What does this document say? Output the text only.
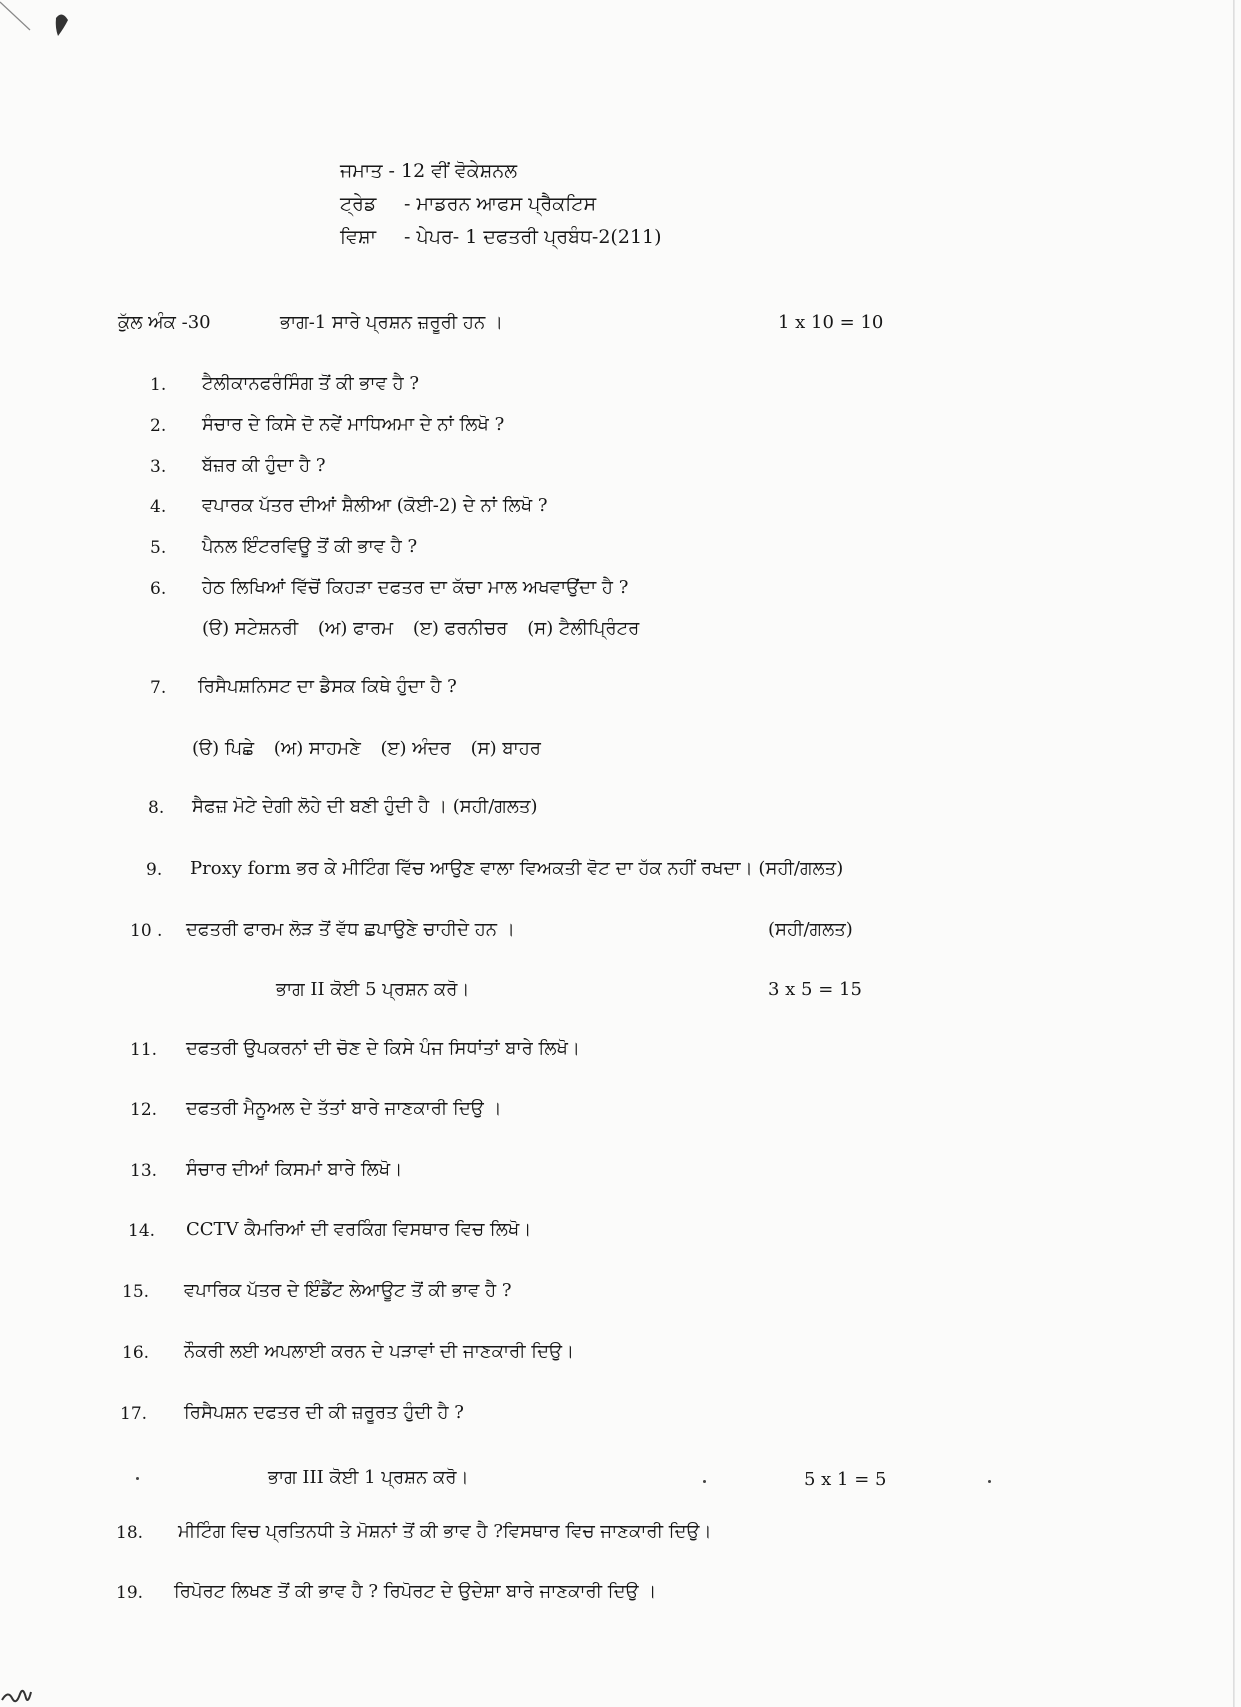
ਜਮਾਤ - 12 ਵੀਂ ਵੋਕੇਸ਼ਨਲ
ਟ੍ਰੇਡ - ਮਾਡਰਨ ਆਫਸ ਪ੍ਰੈਕਟਿਸ
ਵਿਸ਼ਾ - ਪੇਪਰ- 1 ਦਫਤਰੀ ਪ੍ਰਬੰਧ-2(211)
ਕੁੱਲ ਅੰਕ -30	ਭਾਗ-1 ਸਾਰੇ ਪ੍ਰਸ਼ਨ ਜ਼ਰੂਰੀ ਹਨ ।	1 x 10 = 10
1. ਟੈਲੀਕਾਨਫਰੰਸਿੰਗ ਤੋਂ ਕੀ ਭਾਵ ਹੈ ?
2. ਸੰਚਾਰ ਦੇ ਕਿਸੇ ਦੋ ਨਵੇਂ ਮਾਧਿਅਮਾ ਦੇ ਨਾਂ ਲਿਖੋ ?
3. ਬੱਜ਼ਰ ਕੀ ਹੁੰਦਾ ਹੈ ?
4. ਵਪਾਰਕ ਪੱਤਰ ਦੀਆਂ ਸ਼ੈਲੀਆ (ਕੋਈ-2) ਦੇ ਨਾਂ ਲਿਖੋ ?
5. ਪੈਨਲ ਇੰਟਰਵਿਊ ਤੋਂ ਕੀ ਭਾਵ ਹੈ ?
6. ਹੇਠ ਲਿਖਿਆਂ ਵਿੱਚੋਂ ਕਿਹੜਾ ਦਫਤਰ ਦਾ ਕੱਚਾ ਮਾਲ ਅਖਵਾਉਂਦਾ ਹੈ ?
(ੳ) ਸਟੇਸ਼ਨਰੀ (ਅ) ਫਾਰਮ (ੲ) ਫਰਨੀਚਰ (ਸ) ਟੈਲੀਪ੍ਰਿੰਟਰ
7. ਰਿਸੈਪਸ਼ਨਿਸਟ ਦਾ ਡੈਸਕ ਕਿਥੇ ਹੁੰਦਾ ਹੈ ?
(ੳ) ਪਿਛੇ (ਅ) ਸਾਹਮਣੇ (ੲ) ਅੰਦਰ (ਸ) ਬਾਹਰ
8. ਸੈਫਜ਼ ਮੋਟੇ ਦੇਗੀ ਲੋਹੇ ਦੀ ਬਣੀ ਹੁੰਦੀ ਹੈ । (ਸਹੀ/ਗਲਤ)
9. Proxy form ਭਰ ਕੇ ਮੀਟਿੰਗ ਵਿੱਚ ਆਉਣ ਵਾਲਾ ਵਿਅਕਤੀ ਵੋਟ ਦਾ ਹੱਕ ਨਹੀਂ ਰਖਦਾ। (ਸਹੀ/ਗਲਤ)
10 . ਦਫਤਰੀ ਫਾਰਮ ਲੋੜ ਤੋਂ ਵੱਧ ਛਪਾਉਣੇ ਚਾਹੀਦੇ ਹਨ ।	(ਸਹੀ/ਗਲਤ)
ਭਾਗ II ਕੋਈ 5 ਪ੍ਰਸ਼ਨ ਕਰੋ।	3 x 5 = 15
11. ਦਫਤਰੀ ਉਪਕਰਨਾਂ ਦੀ ਚੋਣ ਦੇ ਕਿਸੇ ਪੰਜ ਸਿਧਾਂਤਾਂ ਬਾਰੇ ਲਿਖੋ।
12. ਦਫਤਰੀ ਮੈਨੂਅਲ ਦੇ ਤੱਤਾਂ ਬਾਰੇ ਜਾਣਕਾਰੀ ਦਿਉ ।
13. ਸੰਚਾਰ ਦੀਆਂ ਕਿਸਮਾਂ ਬਾਰੇ ਲਿਖੋ।
14. CCTV ਕੈਮਰਿਆਂ ਦੀ ਵਰਕਿੰਗ ਵਿਸਥਾਰ ਵਿਚ ਲਿਖੋ।
15. ਵਪਾਰਿਕ ਪੱਤਰ ਦੇ ਇੰਡੈਂਟ ਲੇਆਊਟ ਤੋਂ ਕੀ ਭਾਵ ਹੈ ?
16. ਨੌਕਰੀ ਲਈ ਅਪਲਾਈ ਕਰਨ ਦੇ ਪੜਾਵਾਂ ਦੀ ਜਾਣਕਾਰੀ ਦਿਉ।
17. ਰਿਸੈਪਸ਼ਨ ਦਫਤਰ ਦੀ ਕੀ ਜ਼ਰੂਰਤ ਹੁੰਦੀ ਹੈ ?
ਭਾਗ III ਕੋਈ 1 ਪ੍ਰਸ਼ਨ ਕਰੋ।	5 x 1 = 5
18. ਮੀਟਿੰਗ ਵਿਚ ਪ੍ਰਤਿਨਧੀ ਤੇ ਮੋਸ਼ਨਾਂ ਤੋਂ ਕੀ ਭਾਵ ਹੈ ?ਵਿਸਥਾਰ ਵਿਚ ਜਾਣਕਾਰੀ ਦਿਉ।
19. ਰਿਪੋਰਟ ਲਿਖਣ ਤੋਂ ਕੀ ਭਾਵ ਹੈ ? ਰਿਪੋਰਟ ਦੇ ਉਦੇਸ਼ਾ ਬਾਰੇ ਜਾਣਕਾਰੀ ਦਿਉ ।
